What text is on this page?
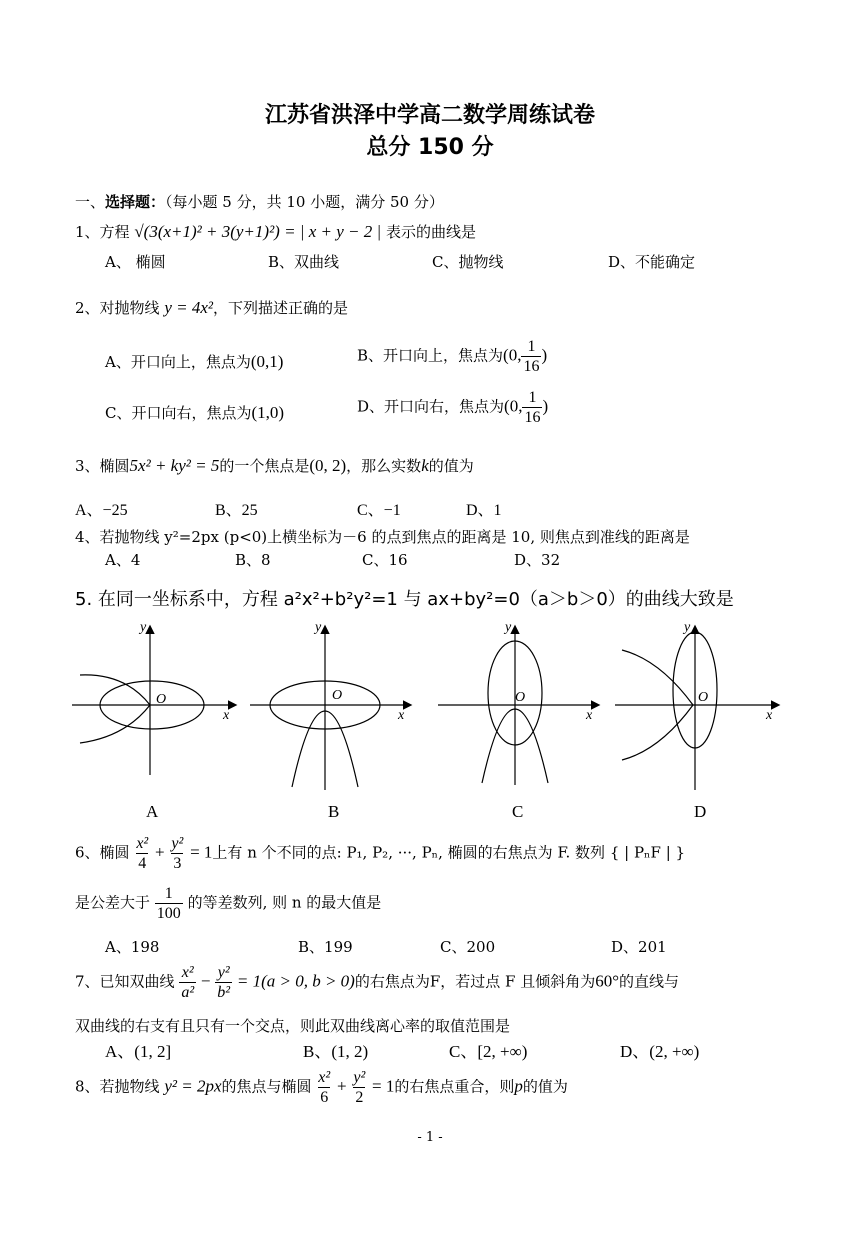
江苏省洪泽中学高二数学周练试卷
总分 150 分
一、选择题：（每小题 5 分，共 10 小题，满分 50 分）
1、方程 √(3(x+1)² + 3(y+1)²) = | x + y − 2 | 表示的曲线是
A、 椭圆	B、双曲线	C、抛物线	D、不能确定
2、对抛物线 y = 4x²，下列描述正确的是
A、开口向上，焦点为(0,1)	B、开口向上，焦点为(0, $\frac{1}{16}$ )
C、开口向右，焦点为(1,0)	D、开口向右，焦点为(0, $\frac{1}{16}$ )
3、椭圆5x² + ky² = 5的一个焦点是(0, 2)，那么实数k的值为
A、−25	B、25	C、−1	D、1
4、若抛物线 y²=2px (p<0)上横坐标为－6 的点到焦点的距离是 10, 则焦点到准线的距离是
A、4	B、8	C、16	D、32
5. 在同一坐标系中，方程 a²x²+b²y²=1 与 ax+by²=0（a＞b＞0）的曲线大致是
y
x
O
y
x
O
y
x
O
y
x
O
A	B	C	D
6、椭圆 $\frac{\text{x²}}{4} + \frac{\text{y²}}{3} = 1$上有 n 个不同的点: P₁, P₂, ···, Pₙ, 椭圆的右焦点为 F. 数列 { | PₙF | }
是公差大于 $\frac{1}{100}$ 的等差数列, 则 n 的最大值是
A、198	B、199	C、200	D、201
7、已知双曲线 $\frac{\text{x²}}{\text{a²}} - \frac{\text{y²}}{\text{b²}} = 1(a > 0$, b > 0)的右焦点为F，若过点 F 且倾斜角为60°的直线与
双曲线的右支有且只有一个交点，则此双曲线离心率的取值范围是
A、(1, 2]	B、(1, 2)	C、[2, +∞)	D、(2, +∞)
8、若抛物线 y² = 2px的焦点与椭圆 $\frac{\text{x²}}{6} + \frac{\text{y²}}{2} = 1$的右焦点重合，则p的值为
- 1 -
